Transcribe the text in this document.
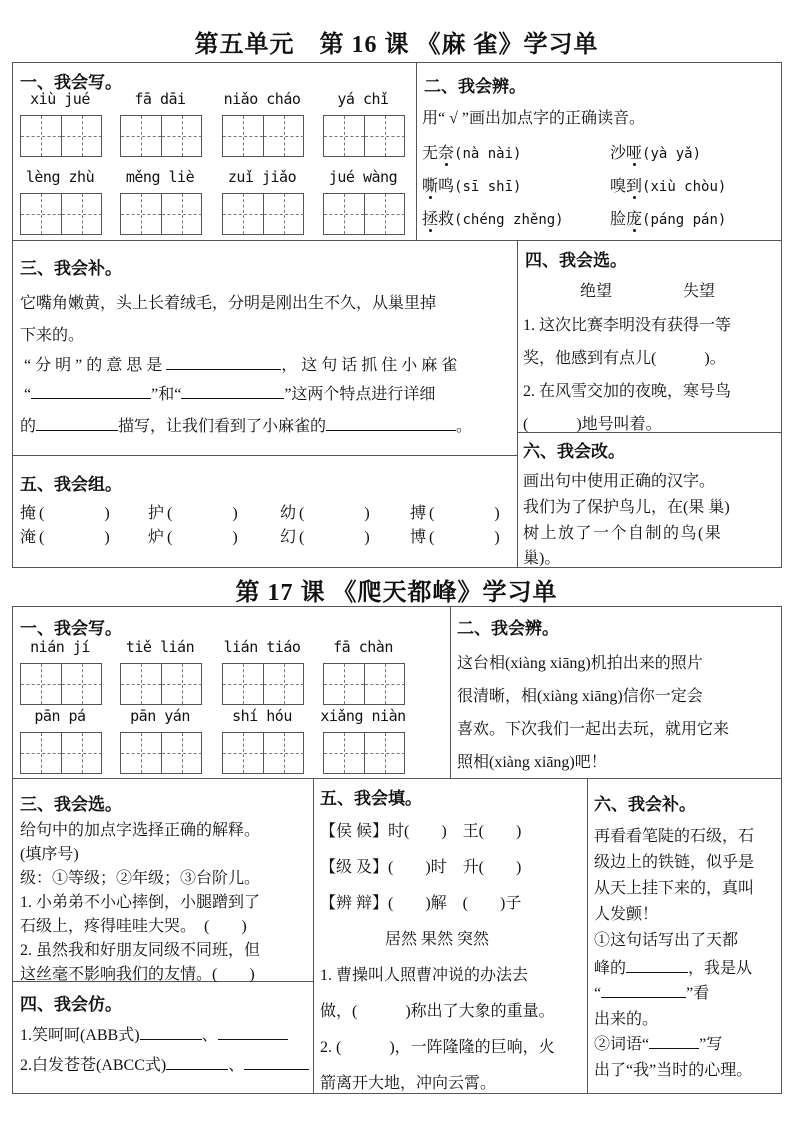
第五单元　第 16 课 《麻 雀》学习单
一、我会写。
xiù jué	fā dāi	niǎo cháo	yá chǐ
lèng zhù	měng liè	zuǐ jiǎo	jué wàng
二、我会辨。
用“ √ ”画出加点字的正确读音。
无奈(nà nài)	沙哑(yà yǎ)
嘶鸣(sī shī)	嗅到(xiù chòu)
拯救(chéng zhěng)	脸庞(páng pán)
三、我会补。
它嘴角嫩黄，头上长着绒毛，分明是刚出生不久，从巢里掉
下来的。
“分明”的意思是	，这句话抓住小麻雀
“	”和“	”这两个特点进行详细
的	描写，让我们看到了小麻雀的	。
四、我会选。
绝望	失望
1. 这次比赛李明没有获得一等
奖，他感到有点儿(　　　)。
2. 在风雪交加的夜晚，寒号鸟
(　　　)地号叫着。
五、我会组。
掩(　　　) 护(　　　) 幼(　　　) 搏(　　　)
淹(　　　) 炉(　　　) 幻(　　　) 博(　　　)
六、我会改。
画出句中使用正确的汉字。
我们为了保护鸟儿，在(果 巢)
树上放了一个自制的鸟(果
巢)。
第 17 课 《爬天都峰》学习单
一、我会写。
nián jí	tiě lián	lián tiáo	fā chàn
pān pá	pān yán	shí hóu	xiǎng niàn
二、我会辨。
这台相(xiàng xiāng)机拍出来的照片
很清晰，相(xiàng xiāng)信你一定会
喜欢。下次我们一起出去玩，就用它来
照相(xiàng xiāng)吧！
三、我会选。
给句中的加点字选择正确的解释。
(填序号)
级：①等级；②年级；③台阶儿。
1. 小弟弟不小心摔倒，小腿蹭到了
石级上，疼得哇哇大哭。　(　　)
2. 虽然我和好朋友同级不同班，但
这丝毫不影响我们的友情。(　　)
四、我会仿。
1.笑呵呵(ABB式)	、
2.白发苍苍(ABCC式)	、
五、我会填。
【侯 候】时(　　)　王(　　)
【级 及】(　　)时　升(　　)
【辨 辩】(　　)解　(　　)子
1. 曹操叫人照曹冲说的办法去
做，(　　　)称出了大象的重量。
2. (　　　)，一阵隆隆的巨响，火
箭离开大地，冲向云霄。
居然 果然 突然
六、我会补。
再看看笔陡的石级，石
级边上的铁链，似乎是
从天上挂下来的，真叫
人发颤！
①这句话写出了天都
峰的	，我是从
“	”看
出来的。
②词语“	”写
出了“我”当时的心理。
